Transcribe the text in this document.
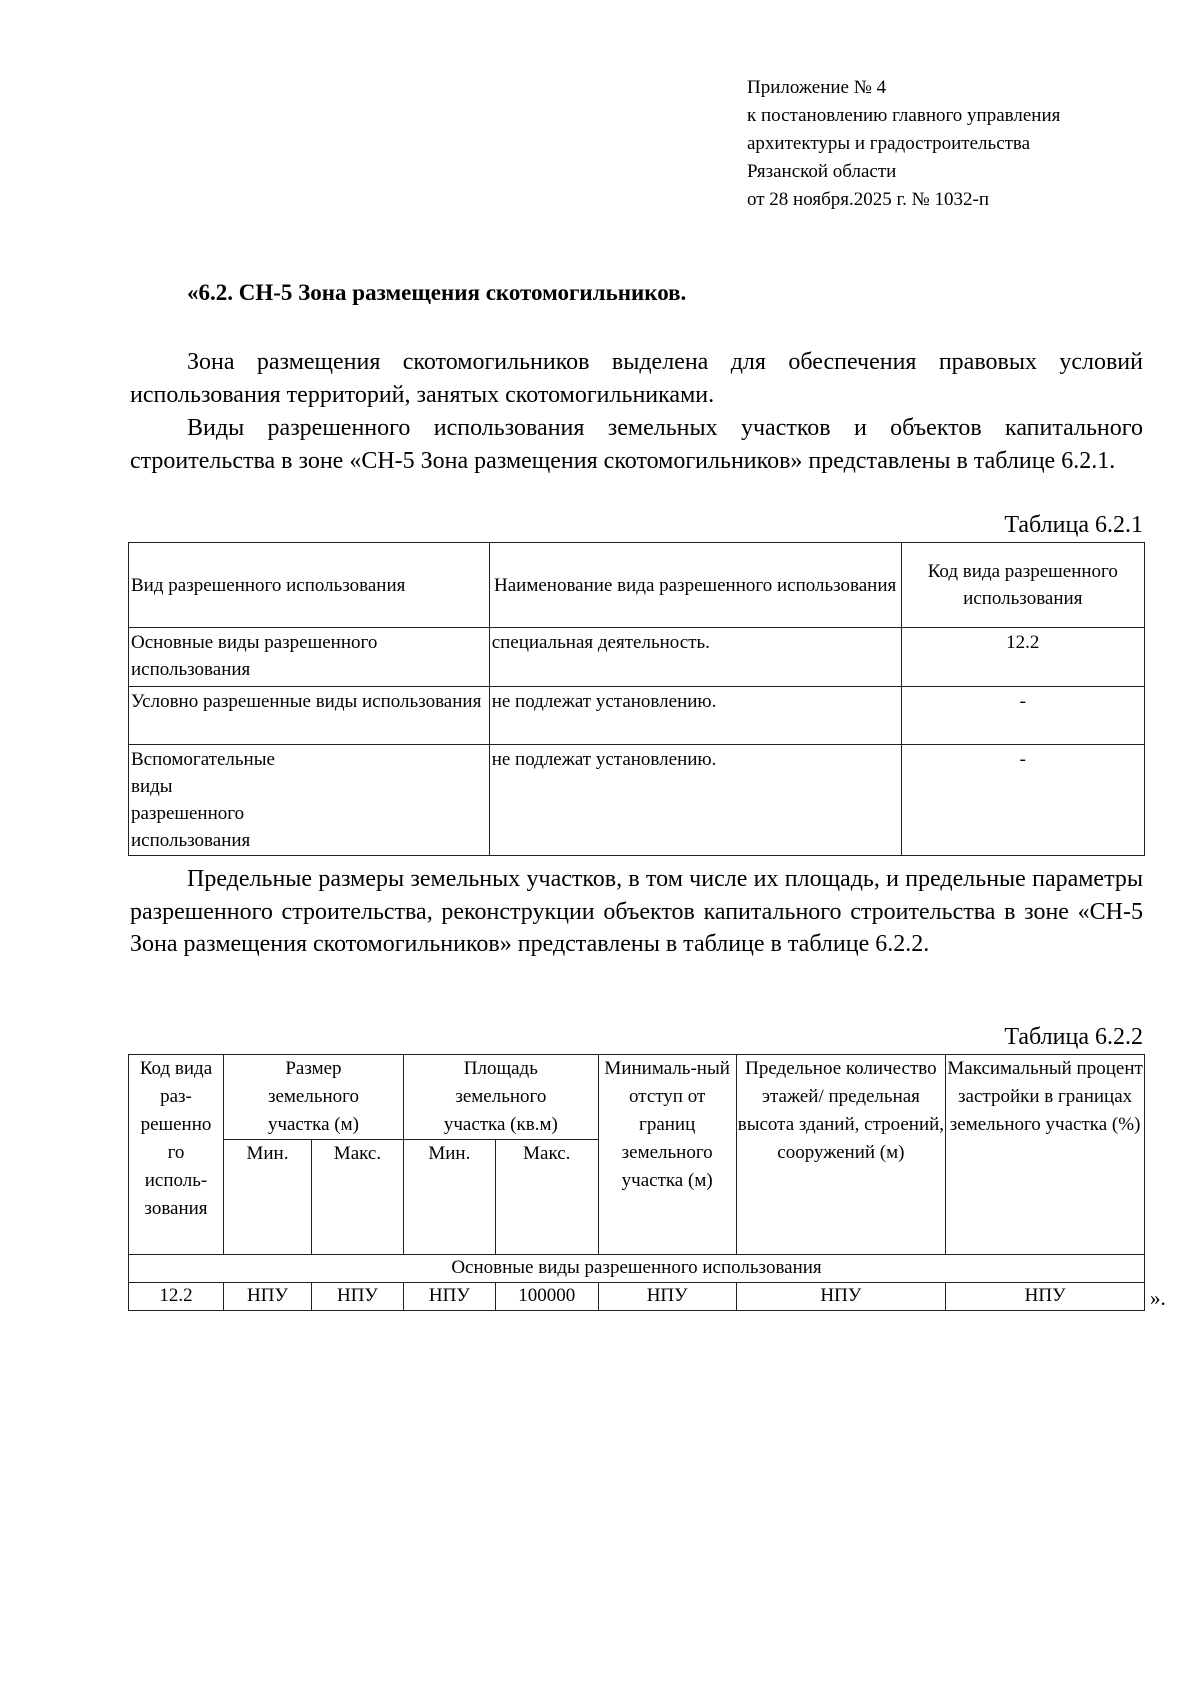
Приложение № 4
к постановлению главного управления
архитектуры и градостроительства
Рязанской области
от 28 ноября.2025 г. № 1032-п
«6.2. СН-5 Зона размещения скотомогильников.

Зона размещения скотомогильников выделена для обеспечения правовых условий использования территорий, занятых скотомогильниками.

Виды разрешенного использования земельных участков и объектов капитального строительства в зоне «СН-5 Зона размещения скотомогильников» представлены в таблице 6.2.1.

Таблица 6.2.1
Вид разрешенного использования	Наименование вида разрешенного использования	Код вида разрешенного использования
Основные виды разрешенного использования	специальная деятельность.	12.2
Условно разрешенные виды использования	не подлежат установлению.	-
Вспомогательные виды разрешенного использования	не подлежат установлению.	-

Предельные размеры земельных участков, в том числе их площадь, и предельные параметры разрешенного строительства, реконструкции объектов капитального строительства в зоне «СН-5 Зона размещения скотомогильников» представлены в таблице в таблице 6.2.2.

Таблица 6.2.2
Код вида раз-решенно го исполь-зования	Размер земельного участка (м)		Площадь земельного участка (кв.м)		Минималь-ный отступ от границ земельного участка (м)	Предельное количество этажей/ предельная высота зданий, строений, сооружений (м)	Максимальный процент застройки в границах земельного участка (%)
	Мин.	Макс.	Мин.	Макс.			
Основные виды разрешенного использования							
12.2	НПУ	НПУ	НПУ	100000	НПУ	НПУ	НПУ	».
